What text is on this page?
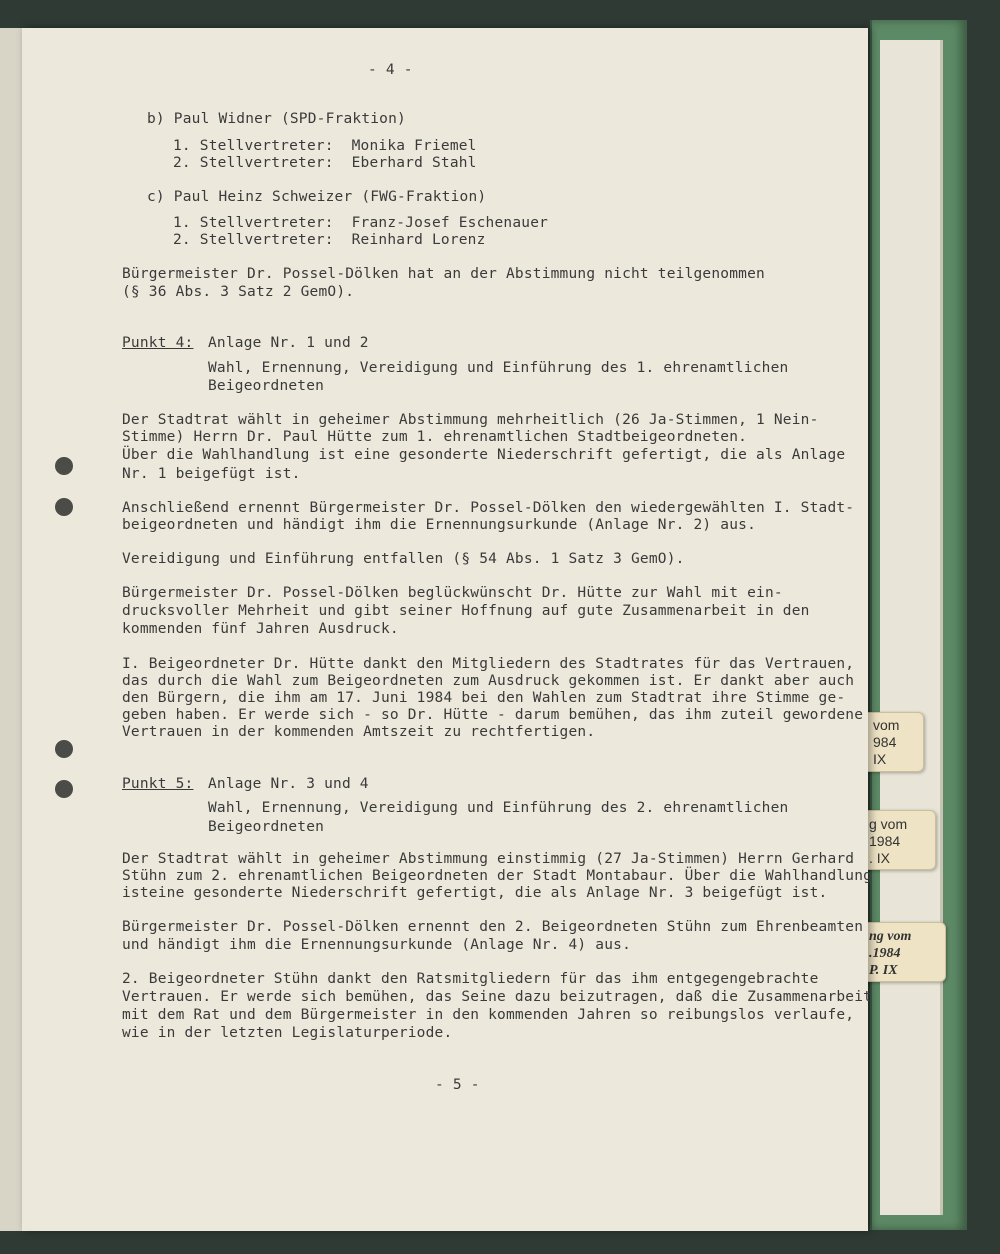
vom
984
IX
g vom
1984
. IX
ng vom
.1984
P. IX
- 4 -
b) Paul Widner (SPD-Fraktion)
1. Stellvertreter:  Monika Friemel
2. Stellvertreter:  Eberhard Stahl
c) Paul Heinz Schweizer (FWG-Fraktion)
1. Stellvertreter:  Franz-Josef Eschenauer
2. Stellvertreter:  Reinhard Lorenz
Bürgermeister Dr. Possel-Dölken hat an der Abstimmung nicht teilgenommen
(§ 36 Abs. 3 Satz 2 GemO).
Punkt 4: Anlage Nr. 1 und 2
Wahl, Ernennung, Vereidigung und Einführung des 1. ehrenamtlichen
Beigeordneten
Der Stadtrat wählt in geheimer Abstimmung mehrheitlich (26 Ja-Stimmen, 1 Nein-
Stimme) Herrn Dr. Paul Hütte zum 1. ehrenamtlichen Stadtbeigeordneten.
Über die Wahlhandlung ist eine gesonderte Niederschrift gefertigt, die als Anlage
Nr. 1 beigefügt ist.
Anschließend ernennt Bürgermeister Dr. Possel-Dölken den wiedergewählten I. Stadt-
beigeordneten und händigt ihm die Ernennungsurkunde (Anlage Nr. 2) aus.
Vereidigung und Einführung entfallen (§ 54 Abs. 1 Satz 3 GemO).
Bürgermeister Dr. Possel-Dölken beglückwünscht Dr. Hütte zur Wahl mit ein-
drucksvoller Mehrheit und gibt seiner Hoffnung auf gute Zusammenarbeit in den
kommenden fünf Jahren Ausdruck.
I. Beigeordneter Dr. Hütte dankt den Mitgliedern des Stadtrates für das Vertrauen,
das durch die Wahl zum Beigeordneten zum Ausdruck gekommen ist. Er dankt aber auch
den Bürgern, die ihm am 17. Juni 1984 bei den Wahlen zum Stadtrat ihre Stimme ge-
geben haben. Er werde sich - so Dr. Hütte - darum bemühen, das ihm zuteil gewordene
Vertrauen in der kommenden Amtszeit zu rechtfertigen.
Punkt 5: Anlage Nr. 3 und 4
Wahl, Ernennung, Vereidigung und Einführung des 2. ehrenamtlichen
Beigeordneten
Der Stadtrat wählt in geheimer Abstimmung einstimmig (27 Ja-Stimmen) Herrn Gerhard
Stühn zum 2. ehrenamtlichen Beigeordneten der Stadt Montabaur. Über die Wahlhandlung
isteine gesonderte Niederschrift gefertigt, die als Anlage Nr. 3 beigefügt ist.
Bürgermeister Dr. Possel-Dölken ernennt den 2. Beigeordneten Stühn zum Ehrenbeamten
und händigt ihm die Ernennungsurkunde (Anlage Nr. 4) aus.
2. Beigeordneter Stühn dankt den Ratsmitgliedern für das ihm entgegengebrachte
Vertrauen. Er werde sich bemühen, das Seine dazu beizutragen, daß die Zusammenarbeit
mit dem Rat und dem Bürgermeister in den kommenden Jahren so reibungslos verlaufe,
wie in der letzten Legislaturperiode.
- 5 -
